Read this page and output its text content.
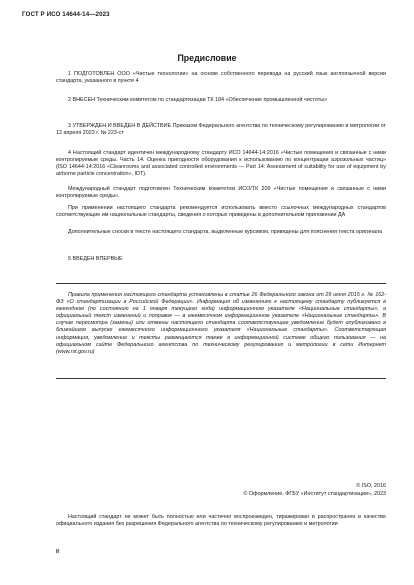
ГОСТ Р ИСО 14644-14—2023
Предисловие

1 ПОДГОТОВЛЕН ООО «Чистые технологии» на основе собственного перевода на русский язык англоязычной версии стандарта, указанного в пункте 4

2 ВНЕСЕН Техническим комитетом по стандартизации ТК 184 «Обеспечение промышленной чистоты»

3 УТВЕРЖДЕН И ВВЕДЕН В ДЕЙСТВИЕ Приказом Федерального агентства по техническому регулированию и метрологии от 12 апреля 2023 г. № 223-ст

4 Настоящий стандарт идентичен международному стандарту ИСО 14644-14:2016 «Чистые помещения и связанные с ними контролируемые среды. Часть 14. Оценка пригодности оборудования к использованию по концентрации аэрозольных частиц» (ISO 14644-14:2016 «Cleanrooms and associated controlled environments — Part 14: Assessment of suitability for use of equipment by airborne particle concentration», IDT).

Международный стандарт подготовлен Техническим комитетом ИСО/ТК 209 «Чистые помещения и связанные с ними контролируемые среды».

При применении настоящего стандарта рекомендуется использовать вместо ссылочных международных стандартов соответствующие им национальные стандарты, сведения о которых приведены в дополнительном приложении ДА

Дополнительные сноски в тексте настоящего стандарта, выделенные курсивом, приведены для пояснения текста оригинала

5 ВВЕДЕН ВПЕРВЫЕ

Правила применения настоящего стандарта установлены в статье 26 Федерального закона от 29 июня 2015 г. № 162-ФЗ «О стандартизации в Российской Федерации». Информация об изменениях к настоящему стандарту публикуется в ежегодном (по состоянию на 1 января текущего года) информационном указателе «Национальные стандарты», а официальный текст изменений и поправок — в ежемесячном информационном указателе «Национальные стандарты». В случае пересмотра (замены) или отмены настоящего стандарта соответствующее уведомление будет опубликовано в ближайшем выпуске ежемесячного информационного указателя «Национальные стандарты». Соответствующая информация, уведомление и тексты размещаются также в информационной системе общего пользования — на официальном сайте Федерального агентства по техническому регулированию и метрологии в сети Интернет (www.rst.gov.ru)

© ISO, 2016
© Оформление. ФГБУ «Институт стандартизации», 2023

Настоящий стандарт не может быть полностью или частично воспроизведен, тиражирован и распространен в качестве официального издания без разрешения Федерального агентства по техническому регулированию и метрологии

II
